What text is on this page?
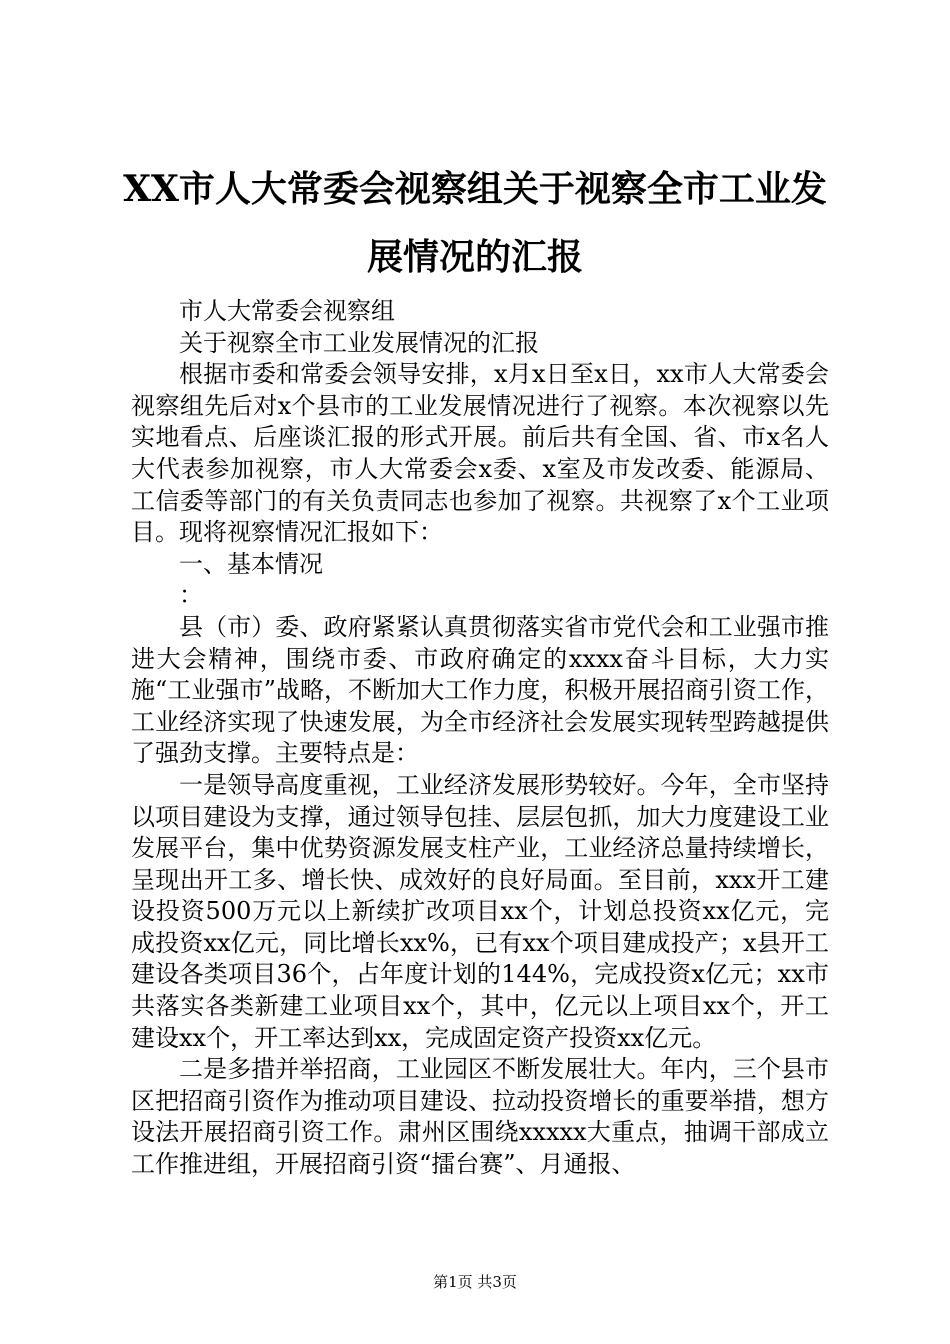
XX市人大常委会视察组关于视察全市工业发
展情况的汇报

市人大常委会视察组

关于视察全市工业发展情况的汇报

根据市委和常委会领导安排，x月x日至x日，xx市人大常委会视察组先后对x个县市的工业发展情况进行了视察。本次视察以先实地看点、后座谈汇报的形式开展。前后共有全国、省、市x名人大代表参加视察，市人大常委会x委、x室及市发改委、能源局、工信委等部门的有关负责同志也参加了视察。共视察了x个工业项目。现将视察情况汇报如下：

一、基本情况

：

县（市）委、政府紧紧认真贯彻落实省市党代会和工业强市推进大会精神，围绕市委、市政府确定的xxxx奋斗目标，大力实施“工业强市”战略，不断加大工作力度，积极开展招商引资工作，工业经济实现了快速发展，为全市经济社会发展实现转型跨越提供了强劲支撑。主要特点是：

一是领导高度重视，工业经济发展形势较好。今年，全市坚持以项目建设为支撑，通过领导包挂、层层包抓，加大力度建设工业发展平台，集中优势资源发展支柱产业，工业经济总量持续增长，呈现出开工多、增长快、成效好的良好局面。至目前，xxx开工建设投资500万元以上新续扩改项目xx个，计划总投资xx亿元，完成投资xx亿元，同比增长xx%，已有xx个项目建成投产；x县开工建设各类项目36个，占年度计划的144%，完成投资x亿元；xx市共落实各类新建工业项目xx个，其中，亿元以上项目xx个，开工建设xx个，开工率达到xx，完成固定资产投资xx亿元。

二是多措并举招商，工业园区不断发展壮大。年内，三个县市区把招商引资作为推动项目建设、拉动投资增长的重要举措，想方设法开展招商引资工作。肃州区围绕xxxxx大重点，抽调干部成立工作推进组，开展招商引资“擂台赛”、月通报、

第1页 共3页
